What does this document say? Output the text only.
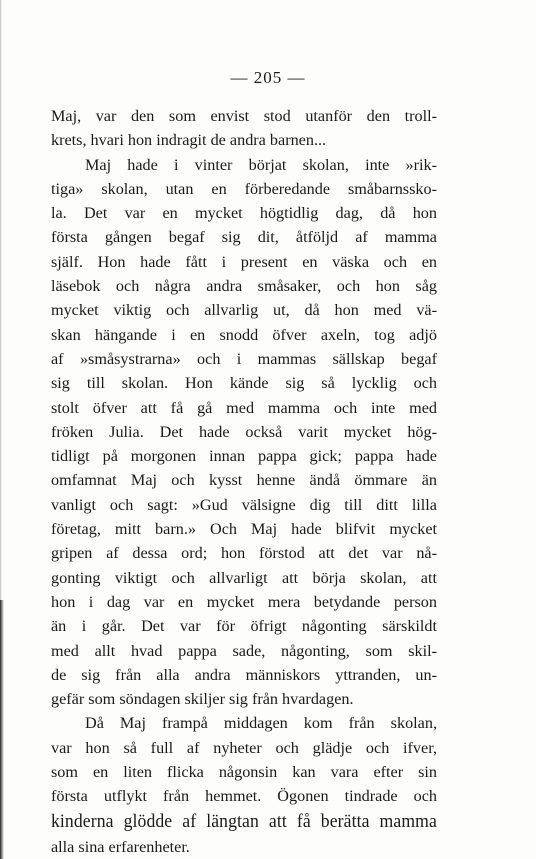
— 205 —
Maj, var den som envist stod utanför den troll-
krets, hvari hon indragit de andra barnen...
Maj hade i vinter börjat skolan, inte »rik-
tiga» skolan, utan en förberedande småbarnssko-
la. Det var en mycket högtidlig dag, då hon
första gången begaf sig dit, åtföljd af mamma
själf. Hon hade fått i present en väska och en
läsebok och några andra småsaker, och hon såg
mycket viktig och allvarlig ut, då hon med vä-
skan hängande i en snodd öfver axeln, tog adjö
af »småsystrarna» och i mammas sällskap begaf
sig till skolan. Hon kände sig så lycklig och
stolt öfver att få gå med mamma och inte med
fröken Julia. Det hade också varit mycket hög-
tidligt på morgonen innan pappa gick; pappa hade
omfamnat Maj och kysst henne ändå ömmare än
vanligt och sagt: »Gud välsigne dig till ditt lilla
företag, mitt barn.» Och Maj hade blifvit mycket
gripen af dessa ord; hon förstod att det var nå-
gonting viktigt och allvarligt att börja skolan, att
hon i dag var en mycket mera betydande person
än i går. Det var för öfrigt någonting särskildt
med allt hvad pappa sade, någonting, som skil-
de sig från alla andra människors yttranden, un-
gefär som söndagen skiljer sig från hvardagen.
Då Maj frampå middagen kom från skolan,
var hon så full af nyheter och glädje och ifver,
som en liten flicka någonsin kan vara efter sin
första utflykt från hemmet. Ögonen tindrade och
kinderna glödde af längtan att få berätta mamma
alla sina erfarenheter.
